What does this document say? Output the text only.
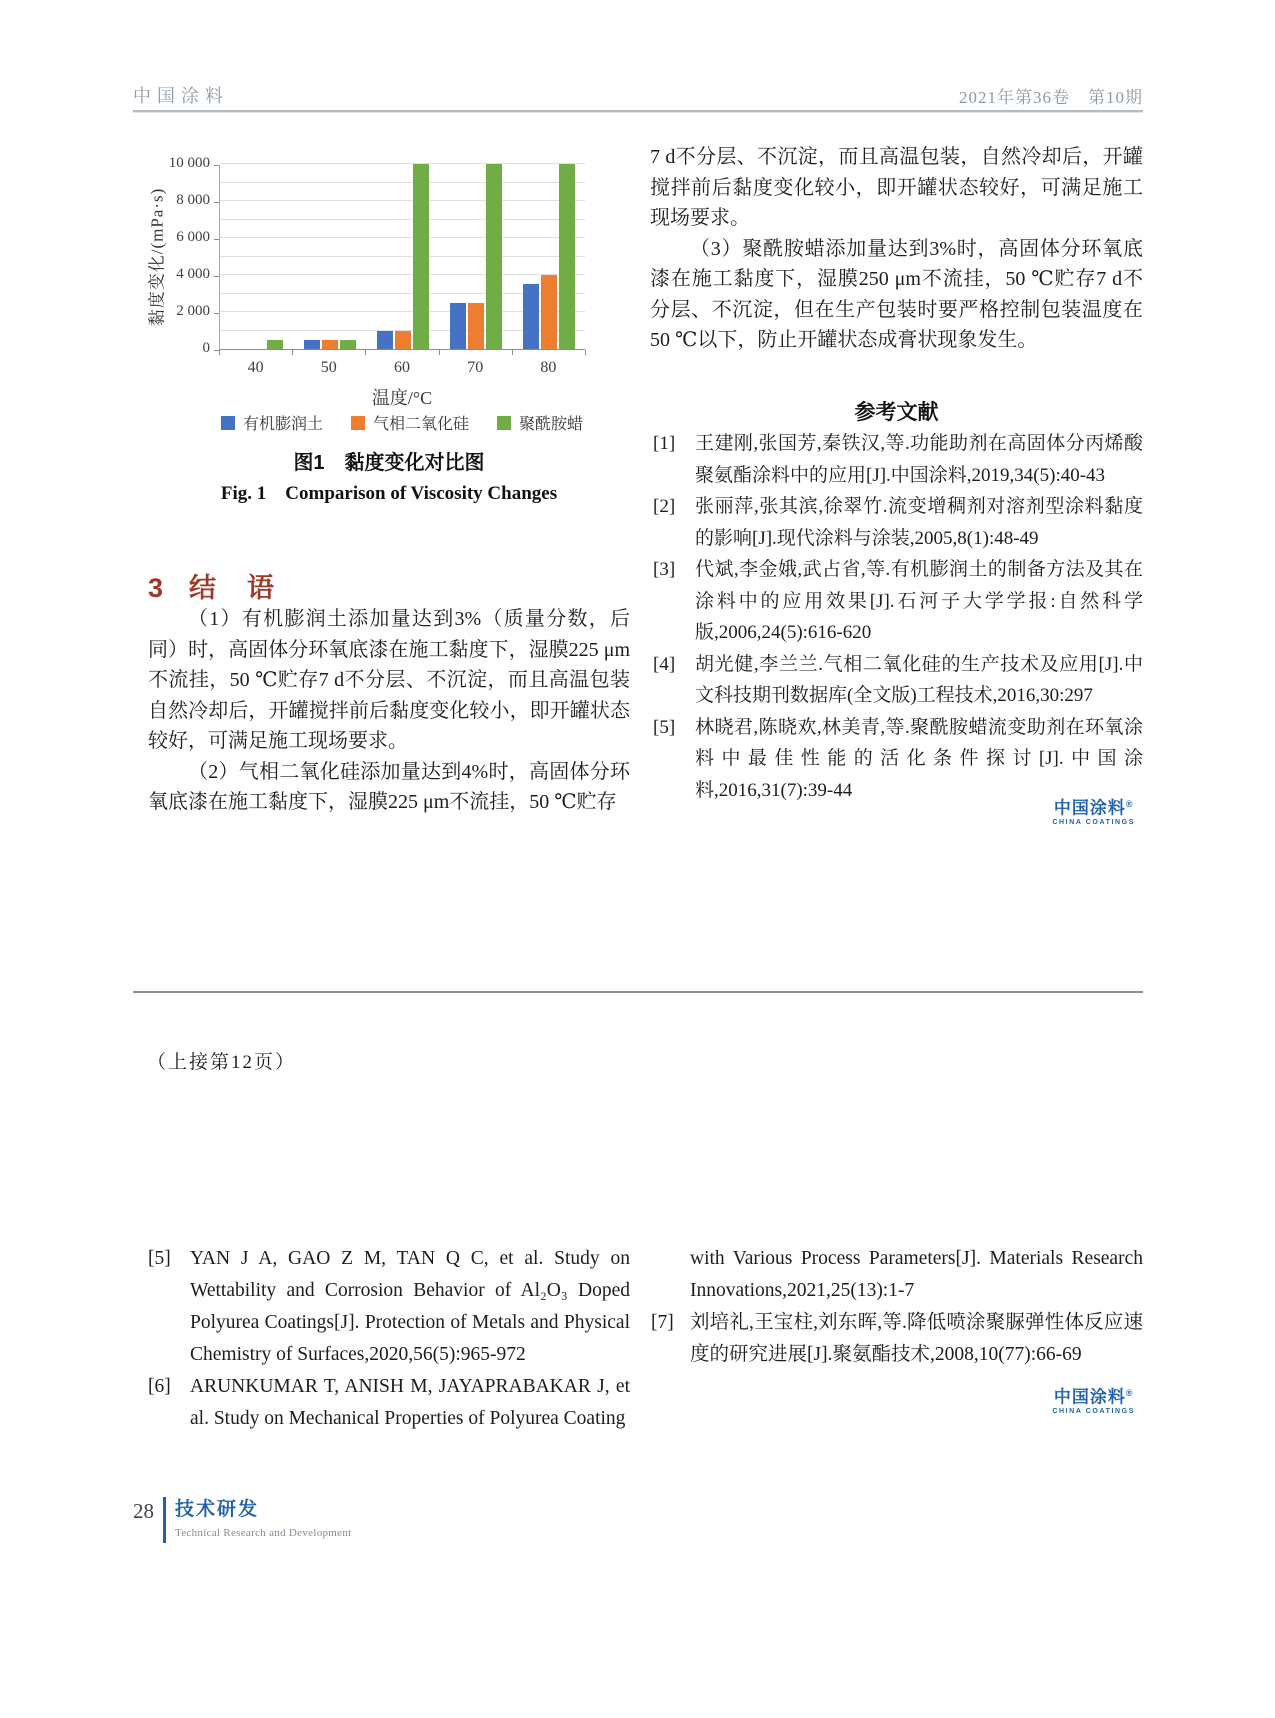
中国涂料	2021年第36卷　第10期
黏度变化/(mPa·s)
温度/°C
有机膨润土	气相二氧化硅	聚酰胺蜡
0
2 000
4 000
6 000
8 000
10 000
40	50	60	70	80
图1　黏度变化对比图
Fig. 1　Comparison of Viscosity Changes
3 结　语

（1）有机膨润土添加量达到3%（质量分数，后同）时，高固体分环氧底漆在施工黏度下，湿膜225 μm不流挂，50 ℃贮存7 d不分层、不沉淀，而且高温包装自然冷却后，开罐搅拌前后黏度变化较小，即开罐状态较好，可满足施工现场要求。

（2）气相二氧化硅添加量达到4%时，高固体分环氧底漆在施工黏度下，湿膜225 μm不流挂，50 ℃贮存

7 d不分层、不沉淀，而且高温包装，自然冷却后，开罐搅拌前后黏度变化较小，即开罐状态较好，可满足施工现场要求。

（3）聚酰胺蜡添加量达到3%时，高固体分环氧底漆在施工黏度下，湿膜250 μm不流挂，50 ℃贮存7 d不分层、不沉淀，但在生产包装时要严格控制包装温度在50 ℃以下，防止开罐状态成膏状现象发生。

参考文献
[1] 王建刚,张国芳,秦铁汉,等.功能助剂在高固体分丙烯酸聚氨酯涂料中的应用[J].中国涂料,2019,34(5):40-43
[2] 张丽萍,张其滨,徐翠竹.流变增稠剂对溶剂型涂料黏度的影响[J].现代涂料与涂装,2005,8(1):48-49
[3] 代斌,李金娥,武占省,等.有机膨润土的制备方法及其在涂料中的应用效果[J].石河子大学学报:自然科学版,2006,24(5):616-620
[4] 胡光健,李兰兰.气相二氧化硅的生产技术及应用[J].中文科技期刊数据库(全文版)工程技术,2016,30:297
[5] 林晓君,陈晓欢,林美青,等.聚酰胺蜡流变助剂在环氧涂料中最佳性能的活化条件探讨[J].中国涂料,2016,31(7):39-44
中国涂料®
CHINA COATINGS
（上接第12页）
[5] YAN J A, GAO Z M, TAN Q C, et al. Study on Wettability and Corrosion Behavior of Al₂O₃ Doped Polyurea Coatings[J]. Protection of Metals and Physical Chemistry of Surfaces,2020,56(5):965-972
[6] ARUNKUMAR T, ANISH M, JAYAPRABAKAR J, et al. Study on Mechanical Properties of Polyurea Coating
with Various Process Parameters[J]. Materials Research Innovations,2021,25(13):1-7
[7] 刘培礼,王宝柱,刘东晖,等.降低喷涂聚脲弹性体反应速度的研究进展[J].聚氨酯技术,2008,10(77):66-69
中国涂料®
CHINA COATINGS
28 技术研发
Technical Research and Development
